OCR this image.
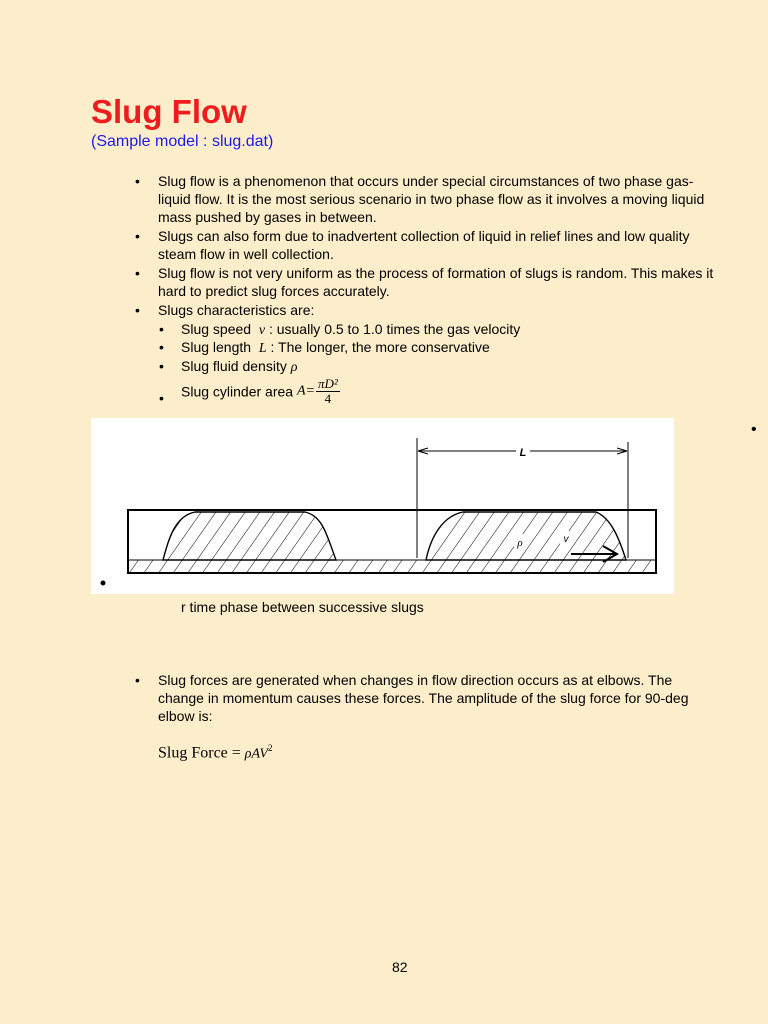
Slug Flow
(Sample model : slug.dat)
• Slug flow is a phenomenon that occurs under special circumstances of two phase gas-liquid flow. It is the most serious scenario in two phase flow as it involves a moving liquid mass pushed by gases in between.
• Slugs can also form due to inadvertent collection of liquid in relief lines and low quality steam flow in well collection.
• Slug flow is not very uniform as the process of formation of slugs is random. This makes it hard to predict slug forces accurately.
• Slugs characteristics are:
• Slug speed v : usually 0.5 to 1.0 times the gas velocity
• Slug length L : The longer, the more conservative
• Slug fluid density ρ
• Slug cylinder area $A= \frac{\text{πD²}}{4}$
•
L
ρ	v
r time phase between successive slugs
• Slug forces are generated when changes in flow direction occurs as at elbows. The change in momentum causes these forces. The amplitude of the slug force for 90-deg elbow is:
Slug Force = ρAV$^2$
82
